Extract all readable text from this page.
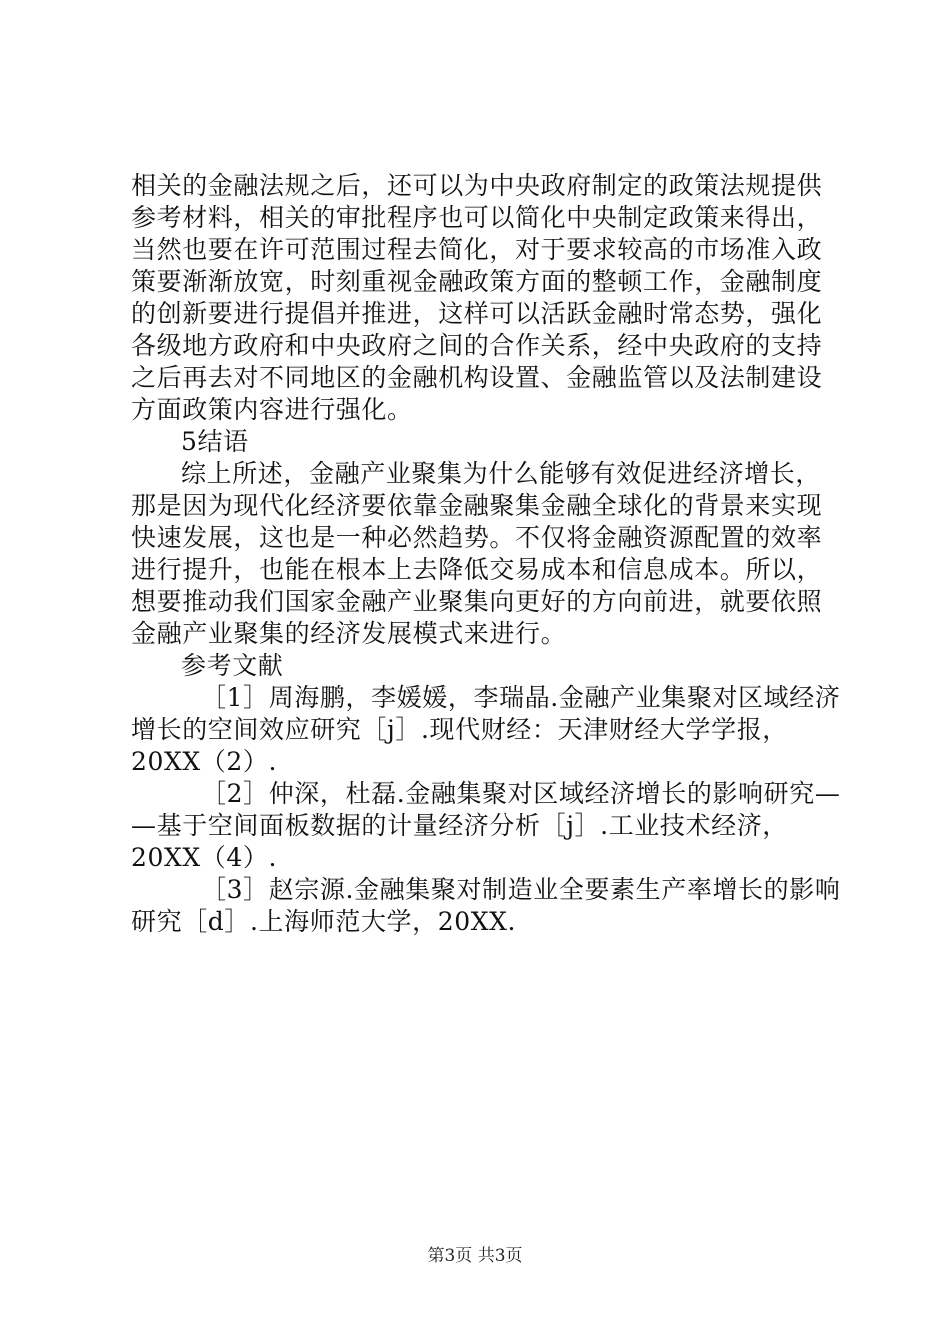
相关的金融法规之后，还可以为中央政府制定的政策法规提供
参考材料，相关的审批程序也可以简化中央制定政策来得出，
当然也要在许可范围过程去简化，对于要求较高的市场准入政
策要渐渐放宽，时刻重视金融政策方面的整顿工作，金融制度
的创新要进行提倡并推进，这样可以活跃金融时常态势，强化
各级地方政府和中央政府之间的合作关系，经中央政府的支持
之后再去对不同地区的金融机构设置、金融监管以及法制建设
方面政策内容进行强化。
5结语
综上所述，金融产业聚集为什么能够有效促进经济增长，
那是因为现代化经济要依靠金融聚集金融全球化的背景来实现
快速发展，这也是一种必然趋势。不仅将金融资源配置的效率
进行提升，也能在根本上去降低交易成本和信息成本。所以，
想要推动我们国家金融产业聚集向更好的方向前进，就要依照
金融产业聚集的经济发展模式来进行。
参考文献
［1］周海鹏，李媛媛，李瑞晶.金融产业集聚对区域经济
增长的空间效应研究［j］.现代财经：天津财经大学学报，
20XX（2）.
［2］仲深，杜磊.金融集聚对区域经济增长的影响研究—
—基于空间面板数据的计量经济分析［j］.工业技术经济，
20XX（4）.
［3］赵宗源.金融集聚对制造业全要素生产率增长的影响
研究［d］.上海师范大学，20XX.
第3页 共3页
